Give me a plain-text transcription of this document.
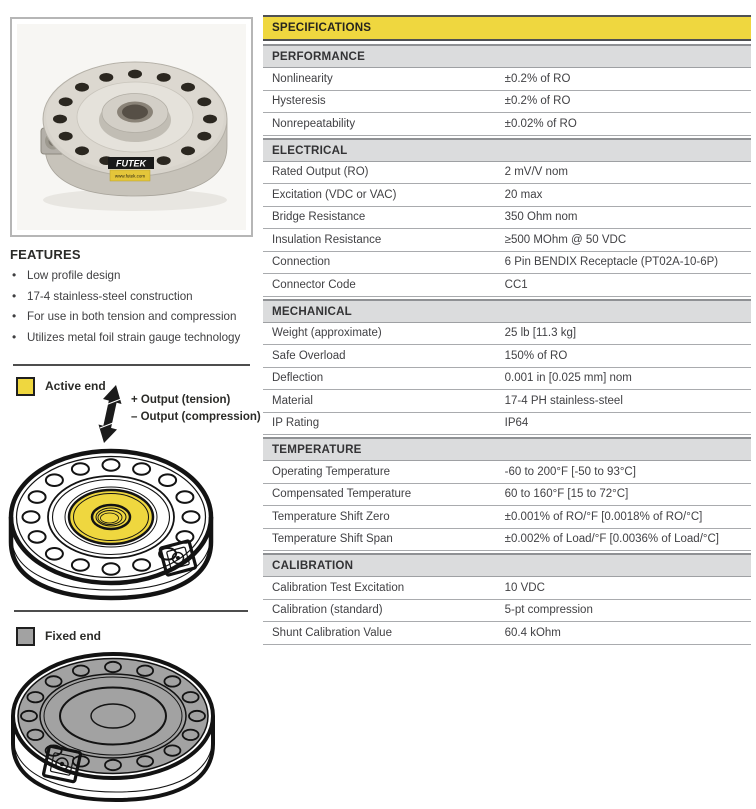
FUTEK
www.futek.com
FEATURES
• Low profile design
• 17-4 stainless-steel construction
• For use in both tension and compression
• Utilizes metal foil strain gauge technology
Active end
+ Output (tension)
– Output (compression)
Fixed end
SPECIFICATIONS
PERFORMANCE
Nonlinearity	±0.2% of RO
Hysteresis	±0.2% of RO
Nonrepeatability	±0.02% of RO
ELECTRICAL
Rated Output (RO)	2 mV/V nom
Excitation (VDC or VAC)	20 max
Bridge Resistance	350 Ohm nom
Insulation Resistance	≥500 MOhm @ 50 VDC
Connection	6 Pin BENDIX Receptacle (PT02A-10-6P)
Connector Code	CC1
MECHANICAL
Weight (approximate)	25 lb [11.3 kg]
Safe Overload	150% of RO
Deflection	0.001 in [0.025 mm] nom
Material	17-4 PH stainless-steel
IP Rating	IP64
TEMPERATURE
Operating Temperature	-60 to 200°F [-50 to 93°C]
Compensated Temperature	60 to 160°F [15 to 72°C]
Temperature Shift Zero	±0.001% of RO/°F [0.0018% of RO/°C]
Temperature Shift Span	±0.002% of Load/°F [0.0036% of Load/°C]
CALIBRATION
Calibration Test Excitation	10 VDC
Calibration (standard)	5-pt compression
Shunt Calibration Value	60.4 kOhm
